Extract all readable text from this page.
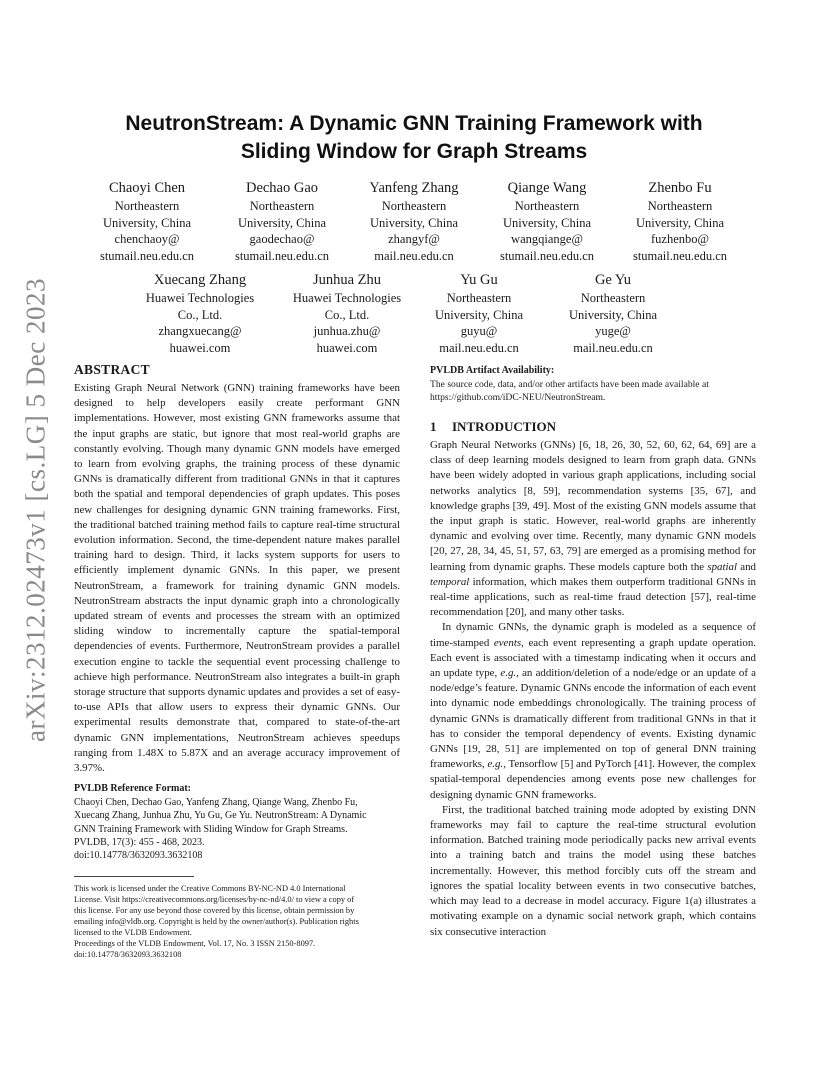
arXiv:2312.02473v1 [cs.LG] 5 Dec 2023
NeutronStream: A Dynamic GNN Training Framework with
Sliding Window for Graph Streams
Chaoyi Chen
Northeastern
University, China
chenchaoy@
stumail.neu.edu.cn
Dechao Gao
Northeastern
University, China
gaodechao@
stumail.neu.edu.cn
Yanfeng Zhang
Northeastern
University, China
zhangyf@
mail.neu.edu.cn
Qiange Wang
Northeastern
University, China
wangqiange@
stumail.neu.edu.cn
Zhenbo Fu
Northeastern
University, China
fuzhenbo@
stumail.neu.edu.cn
Xuecang Zhang
Huawei Technologies
Co., Ltd.
zhangxuecang@
huawei.com
Junhua Zhu
Huawei Technologies
Co., Ltd.
junhua.zhu@
huawei.com
Yu Gu
Northeastern
University, China
guyu@
mail.neu.edu.cn
Ge Yu
Northeastern
University, China
yuge@
mail.neu.edu.cn
ABSTRACT

Existing Graph Neural Network (GNN) training frameworks have been designed to help developers easily create performant GNN implementations. However, most existing GNN frameworks assume that the input graphs are static, but ignore that most real-world graphs are constantly evolving. Though many dynamic GNN models have emerged to learn from evolving graphs, the training process of these dynamic GNNs is dramatically different from traditional GNNs in that it captures both the spatial and temporal dependencies of graph updates. This poses new challenges for designing dynamic GNN training frameworks. First, the traditional batched training method fails to capture real-time structural evolution information. Second, the time-dependent nature makes parallel training hard to design. Third, it lacks system supports for users to efficiently implement dynamic GNNs. In this paper, we present NeutronStream, a framework for training dynamic GNN models. NeutronStream abstracts the input dynamic graph into a chronologically updated stream of events and processes the stream with an optimized sliding window to incrementally capture the spatial-temporal dependencies of events. Furthermore, NeutronStream provides a parallel execution engine to tackle the sequential event processing challenge to achieve high performance. NeutronStream also integrates a built-in graph storage structure that supports dynamic updates and provides a set of easy-to-use APIs that allow users to express their dynamic GNNs. Our experimental results demonstrate that, compared to state-of-the-art dynamic GNN implementations, NeutronStream achieves speedups ranging from 1.48X to 5.87X and an average accuracy improvement of 3.97%.

PVLDB Reference Format:
Chaoyi Chen, Dechao Gao, Yanfeng Zhang, Qiange Wang, Zhenbo Fu,
Xuecang Zhang, Junhua Zhu, Yu Gu, Ge Yu. NeutronStream: A Dynamic
GNN Training Framework with Sliding Window for Graph Streams.
PVLDB, 17(3): 455 - 468, 2023.
doi:10.14778/3632093.3632108
This work is licensed under the Creative Commons BY-NC-ND 4.0 International
License. Visit https://creativecommons.org/licenses/by-nc-nd/4.0/ to view a copy of
this license. For any use beyond those covered by this license, obtain permission by
emailing info@vldb.org. Copyright is held by the owner/author(s). Publication rights
licensed to the VLDB Endowment.
Proceedings of the VLDB Endowment, Vol. 17, No. 3 ISSN 2150-8097.
doi:10.14778/3632093.3632108
PVLDB Artifact Availability:
The source code, data, and/or other artifacts have been made available at https://github.com/iDC-NEU/NeutronStream.
1 INTRODUCTION

Graph Neural Networks (GNNs) [6, 18, 26, 30, 52, 60, 62, 64, 69] are a class of deep learning models designed to learn from graph data. GNNs have been widely adopted in various graph applications, including social networks analytics [8, 59], recommendation systems [35, 67], and knowledge graphs [39, 49]. Most of the existing GNN models assume that the input graph is static. However, real-world graphs are inherently dynamic and evolving over time. Recently, many dynamic GNN models [20, 27, 28, 34, 45, 51, 57, 63, 79] are emerged as a promising method for learning from dynamic graphs. These models capture both the spatial and temporal information, which makes them outperform traditional GNNs in real-time applications, such as real-time fraud detection [57], real-time recommendation [20], and many other tasks.

In dynamic GNNs, the dynamic graph is modeled as a sequence of time-stamped events, each event representing a graph update operation. Each event is associated with a timestamp indicating when it occurs and an update type, e.g., an addition/deletion of a node/edge or an update of a node/edge’s feature. Dynamic GNNs encode the information of each event into dynamic node embeddings chronologically. The training process of dynamic GNNs is dramatically different from traditional GNNs in that it has to consider the temporal dependency of events. Existing dynamic GNNs [19, 28, 51] are implemented on top of general DNN training frameworks, e.g., Tensorflow [5] and PyTorch [41]. However, the complex spatial-temporal dependencies among events pose new challenges for designing dynamic GNN frameworks.

First, the traditional batched training mode adopted by existing DNN frameworks may fail to capture the real-time structural evolution information. Batched training mode periodically packs new arrival events into a training batch and trains the model using these batches incrementally. However, this method forcibly cuts off the stream and ignores the spatial locality between events in two consecutive batches, which may lead to a decrease in model accuracy. Figure 1(a) illustrates a motivating example on a dynamic social network graph, which contains six consecutive interaction
